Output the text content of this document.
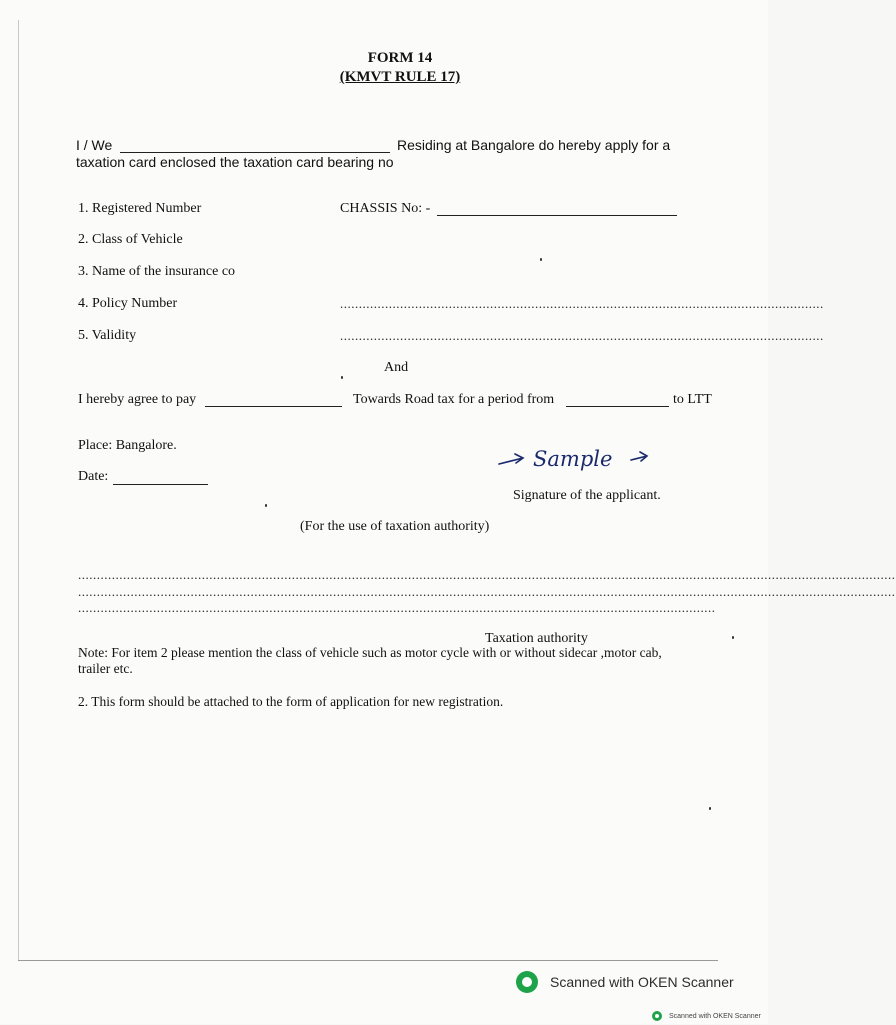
FORM 14
(KMVT RULE 17)
I / We	Residing at Bangalore do hereby apply for a
taxation card enclosed the taxation card bearing no
1. Registered Number	CHASSIS No: -
2. Class of Vehicle
3. Name of the insurance co
4. Policy Number	.................................................................................................................................
5. Validity	.................................................................................................................................
And
I hereby agree to pay	Towards Road tax for a period from	to LTT
Place: Bangalore.
Date:
Sample
Signature of the applicant.
(For the use of taxation authority)
..........................................................................................................................................................................................................................
..........................................................................................................................................................................................................................
..........................................................................................................................................................................
Taxation authority
Note: For item 2 please mention the class of vehicle such as motor cycle with or without sidecar ,motor cab,
trailer etc.
2. This form should be attached to the form of application for new registration.
Scanned with OKEN Scanner
Scanned with OKEN Scanner
